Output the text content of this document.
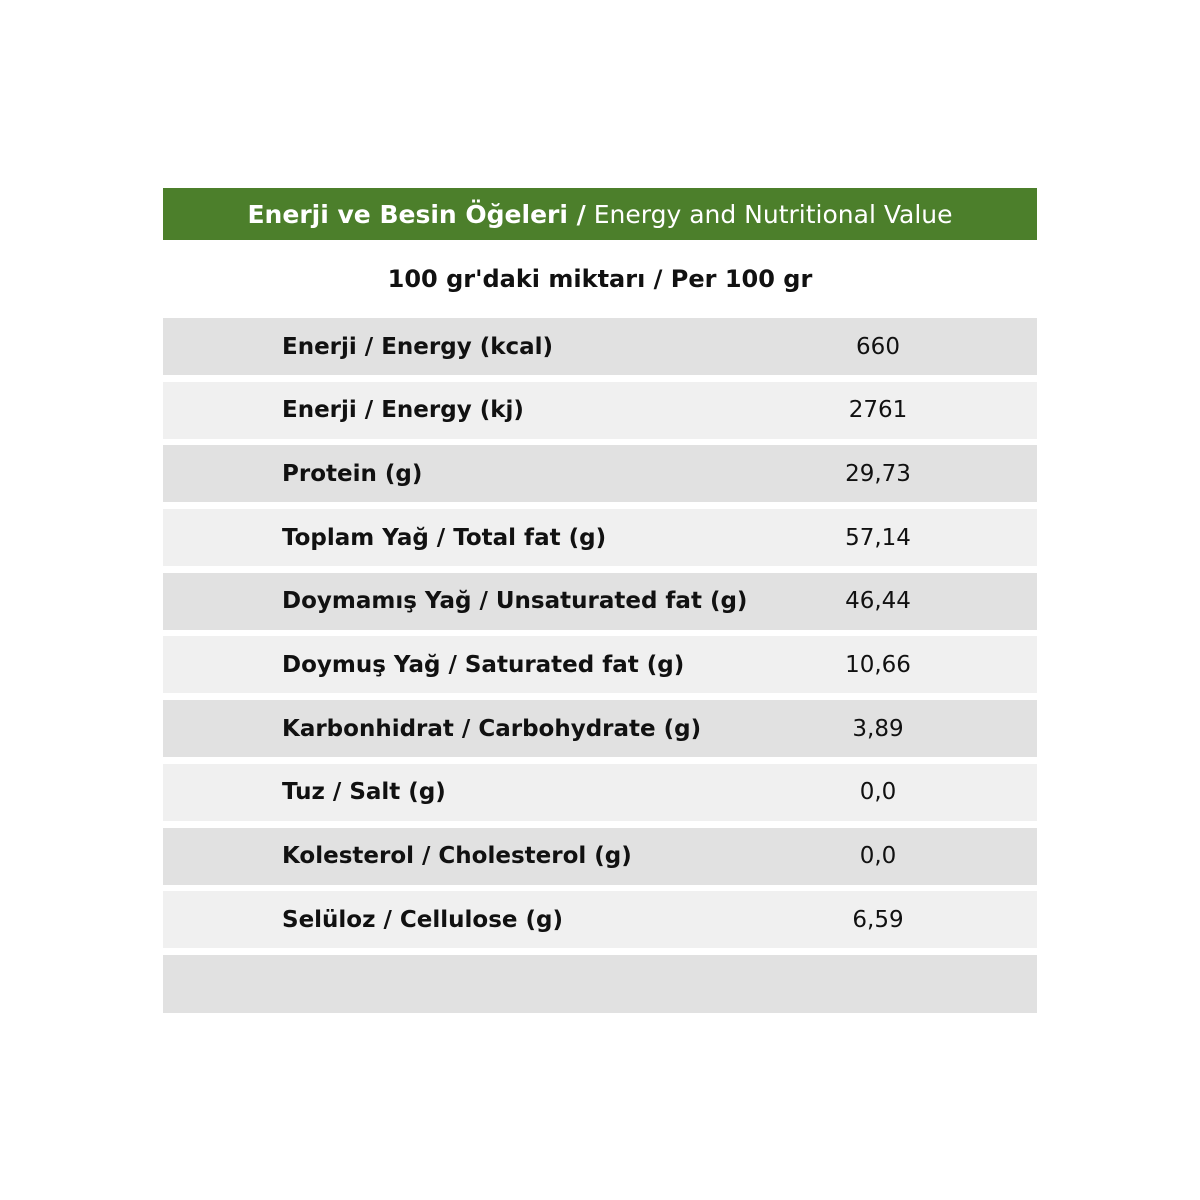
Enerji ve Besin Öğeleri /
Energy and Nutritional Value
100 gr'daki miktarı / Per 100 gr
Enerji / Energy (kcal)	660
Enerji / Energy (kj)	2761
Protein (g)	29,73
Toplam Yağ / Total fat (g)	57,14
Doymamış Yağ / Unsaturated fat (g)	46,44
Doymuş Yağ / Saturated fat (g)	10,66
Karbonhidrat / Carbohydrate (g)	3,89
Tuz / Salt (g)	0,0
Kolesterol / Cholesterol (g)	0,0
Selüloz / Cellulose (g)	6,59
